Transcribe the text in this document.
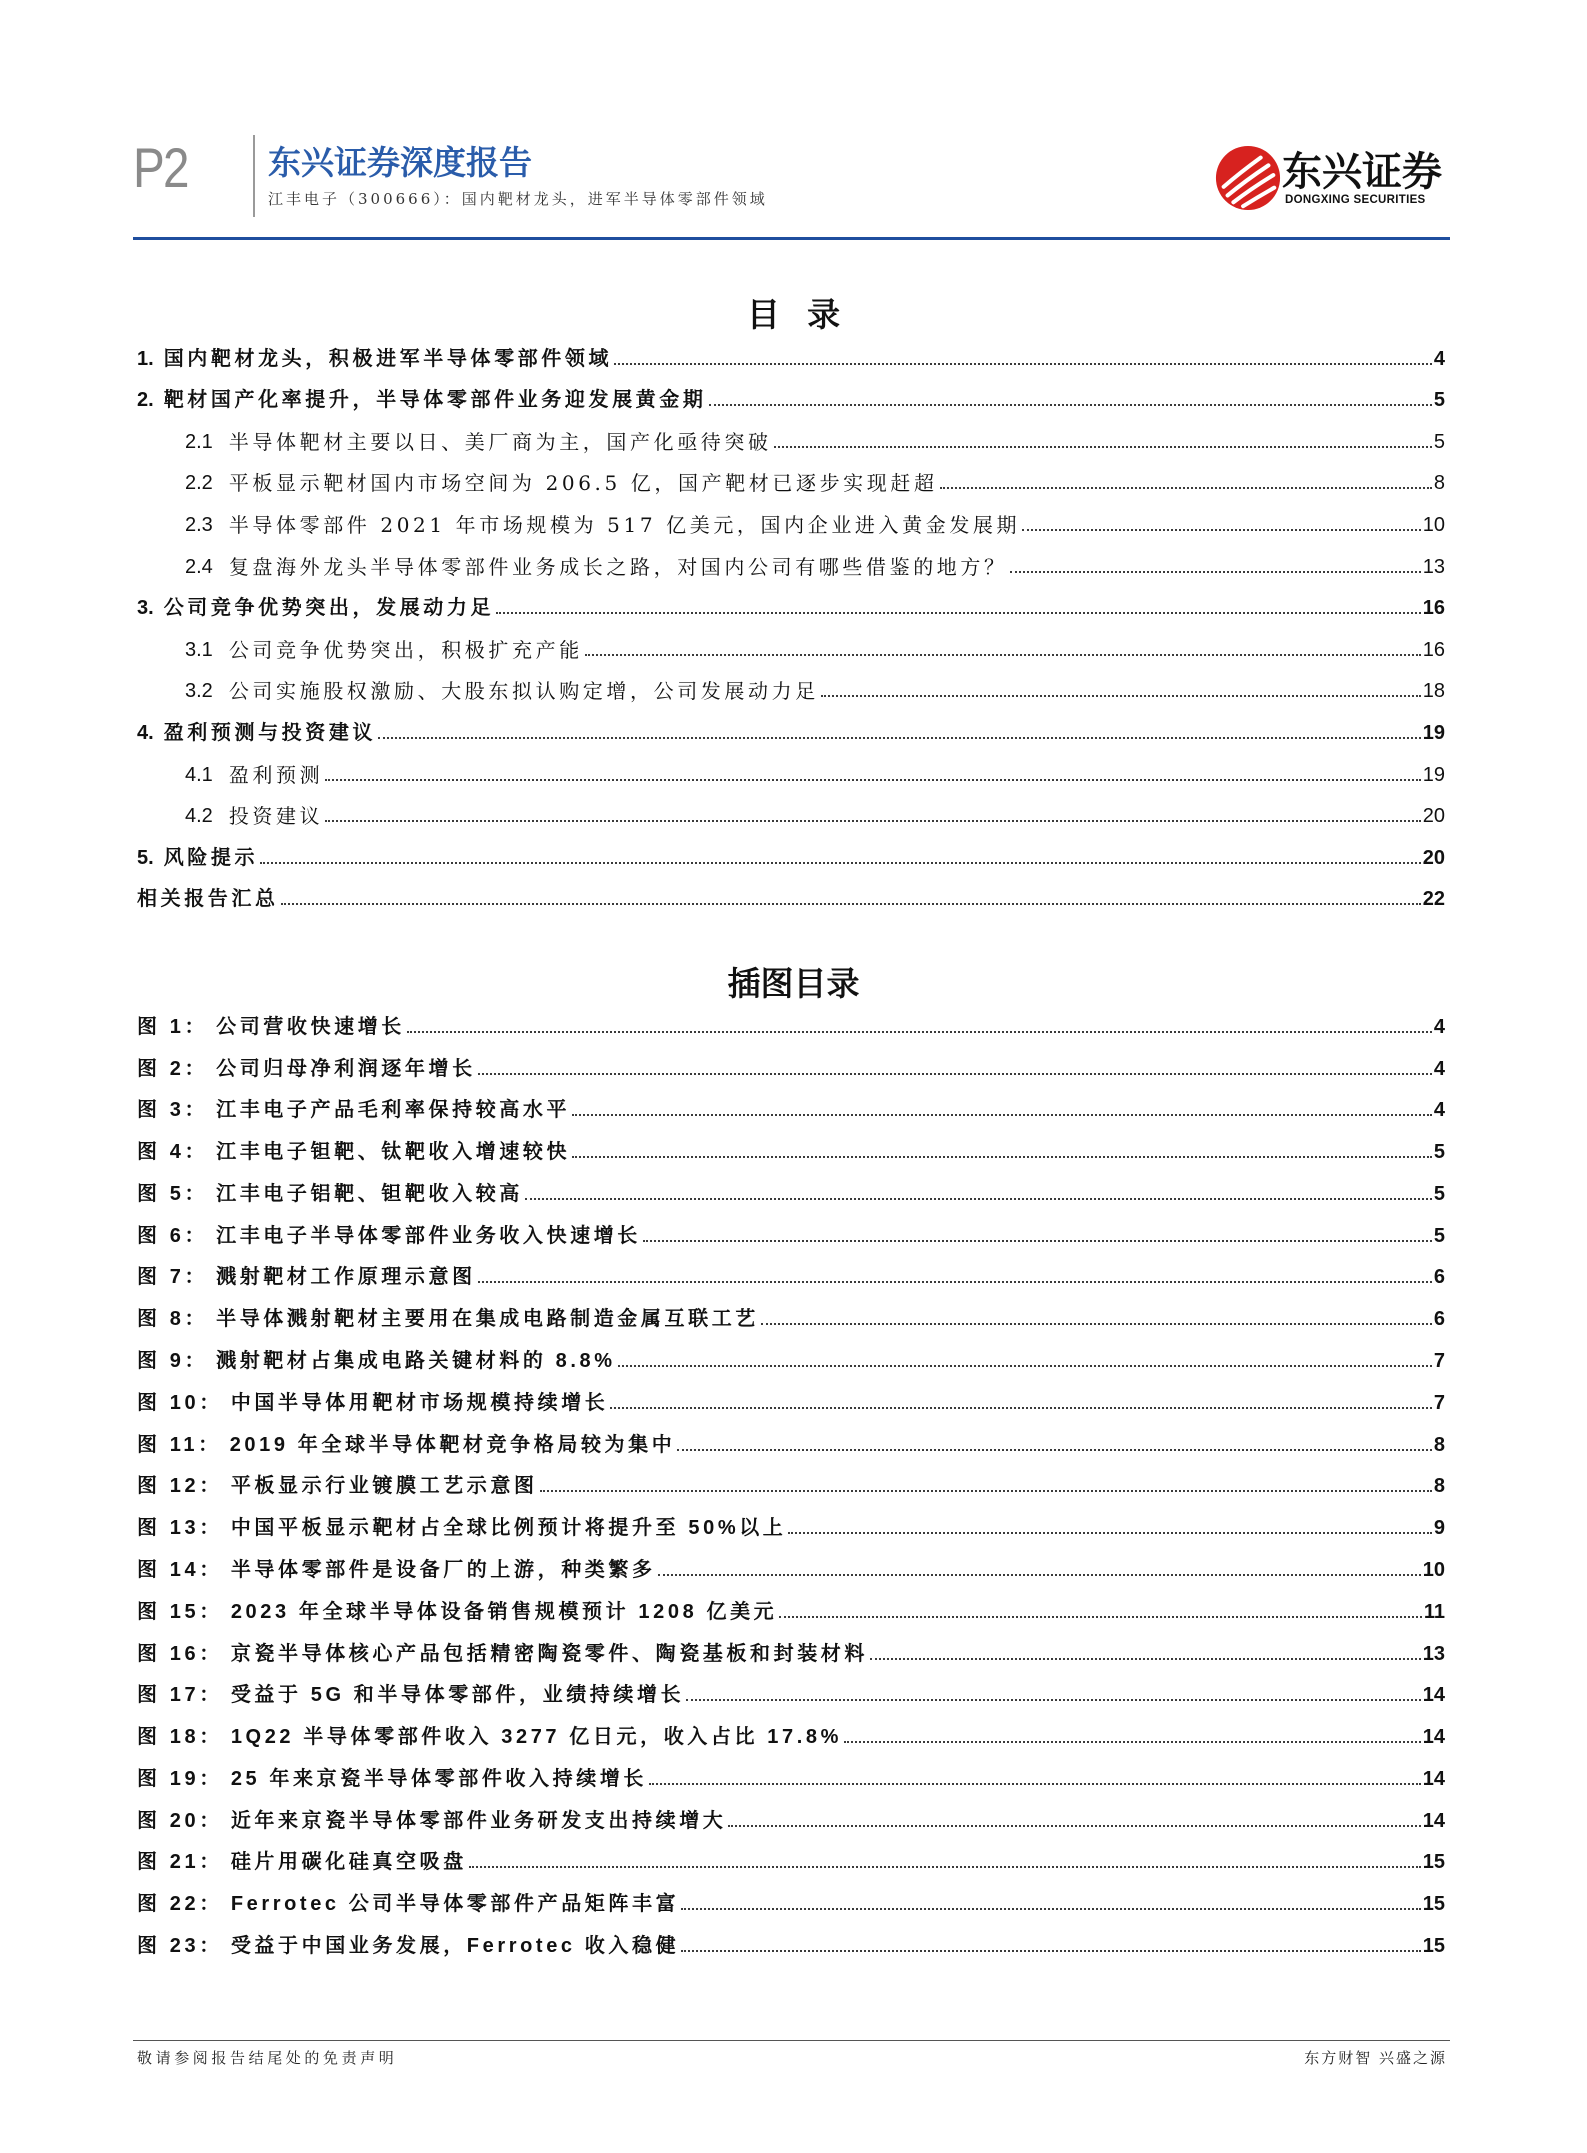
P2 东兴证券深度报告
江丰电子（300666）：国内靶材龙头，进军半导体零部件领域
东兴证券
DONGXING SECURITIES
目 录
1. 国内靶材龙头，积极进军半导体零部件领域	4
2. 靶材国产化率提升，半导体零部件业务迎发展黄金期	5
2.1 半导体靶材主要以日、美厂商为主，国产化亟待突破	5
2.2 平板显示靶材国内市场空间为 206.5 亿，国产靶材已逐步实现赶超	8
2.3 半导体零部件 2021 年市场规模为 517 亿美元，国内企业进入黄金发展期	10
2.4 复盘海外龙头半导体零部件业务成长之路，对国内公司有哪些借鉴的地方？	13
3. 公司竞争优势突出，发展动力足	16
3.1 公司竞争优势突出，积极扩充产能	16
3.2 公司实施股权激励、大股东拟认购定增，公司发展动力足	18
4. 盈利预测与投资建议	19
4.1 盈利预测	19
4.2 投资建议	20
5. 风险提示	20
相关报告汇总	22
插图目录
图 1： 公司营收快速增长	4
图 2： 公司归母净利润逐年增长	4
图 3： 江丰电子产品毛利率保持较高水平	4
图 4： 江丰电子钽靶、钛靶收入增速较快	5
图 5： 江丰电子铝靶、钽靶收入较高	5
图 6： 江丰电子半导体零部件业务收入快速增长	5
图 7： 溅射靶材工作原理示意图	6
图 8： 半导体溅射靶材主要用在集成电路制造金属互联工艺	6
图 9： 溅射靶材占集成电路关键材料的 8.8%	7
图 10： 中国半导体用靶材市场规模持续增长	7
图 11： 2019 年全球半导体靶材竞争格局较为集中	8
图 12： 平板显示行业镀膜工艺示意图	8
图 13： 中国平板显示靶材占全球比例预计将提升至 50%以上	9
图 14： 半导体零部件是设备厂的上游，种类繁多	10
图 15： 2023 年全球半导体设备销售规模预计 1208 亿美元	11
图 16： 京瓷半导体核心产品包括精密陶瓷零件、陶瓷基板和封装材料	13
图 17： 受益于 5G 和半导体零部件，业绩持续增长	14
图 18： 1Q22 半导体零部件收入 3277 亿日元，收入占比 17.8%	14
图 19： 25 年来京瓷半导体零部件收入持续增长	14
图 20： 近年来京瓷半导体零部件业务研发支出持续增大	14
图 21： 硅片用碳化硅真空吸盘	15
图 22： Ferrotec 公司半导体零部件产品矩阵丰富	15
图 23： 受益于中国业务发展，Ferrotec 收入稳健	15
敬请参阅报告结尾处的免责声明	东方财智 兴盛之源
